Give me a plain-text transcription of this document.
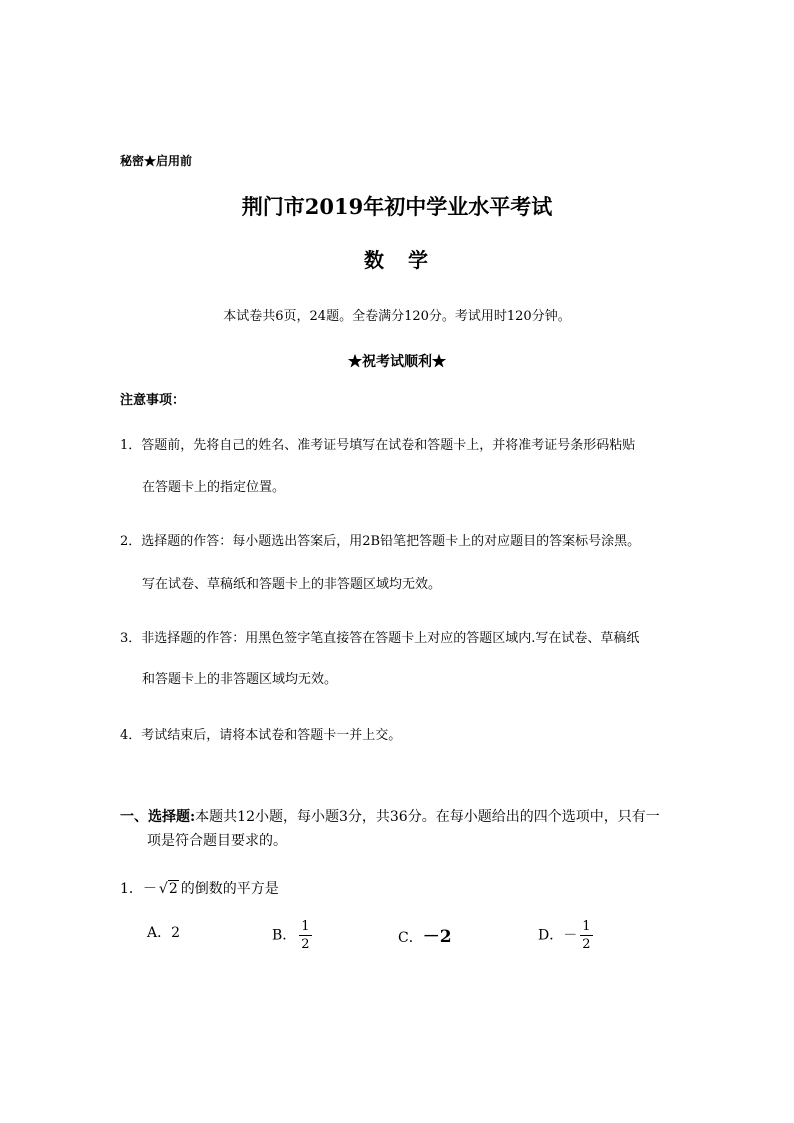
秘密★启用前
荆门市2019年初中学业水平考试
数　学
本试卷共6页，24题。全卷满分120分。考试用时120分钟。
★祝考试顺利★
注意事项：
1．答题前，先将自己的姓名、准考证号填写在试卷和答题卡上，并将准考证号条形码粘贴
在答题卡上的指定位置。
2．选择题的作答：每小题选出答案后，用2B铅笔把答题卡上的对应题目的答案标号涂黑。
写在试卷、草稿纸和答题卡上的非答题区域均无效。
3．非选择题的作答：用黑色签字笔直接答在答题卡上对应的答题区域内.写在试卷、草稿纸
和答题卡上的非答题区域均无效。
4．考试结束后，请将本试卷和答题卡一并上交。
一、选择题:本题共12小题，每小题3分，共36分。在每小题给出的四个选项中，只有一
项是符合题目要求的。
1．－ √2 的倒数的平方是
A．2	B． $\frac{1}{2}$	C．－2	D．－ $\frac{1}{2}$
